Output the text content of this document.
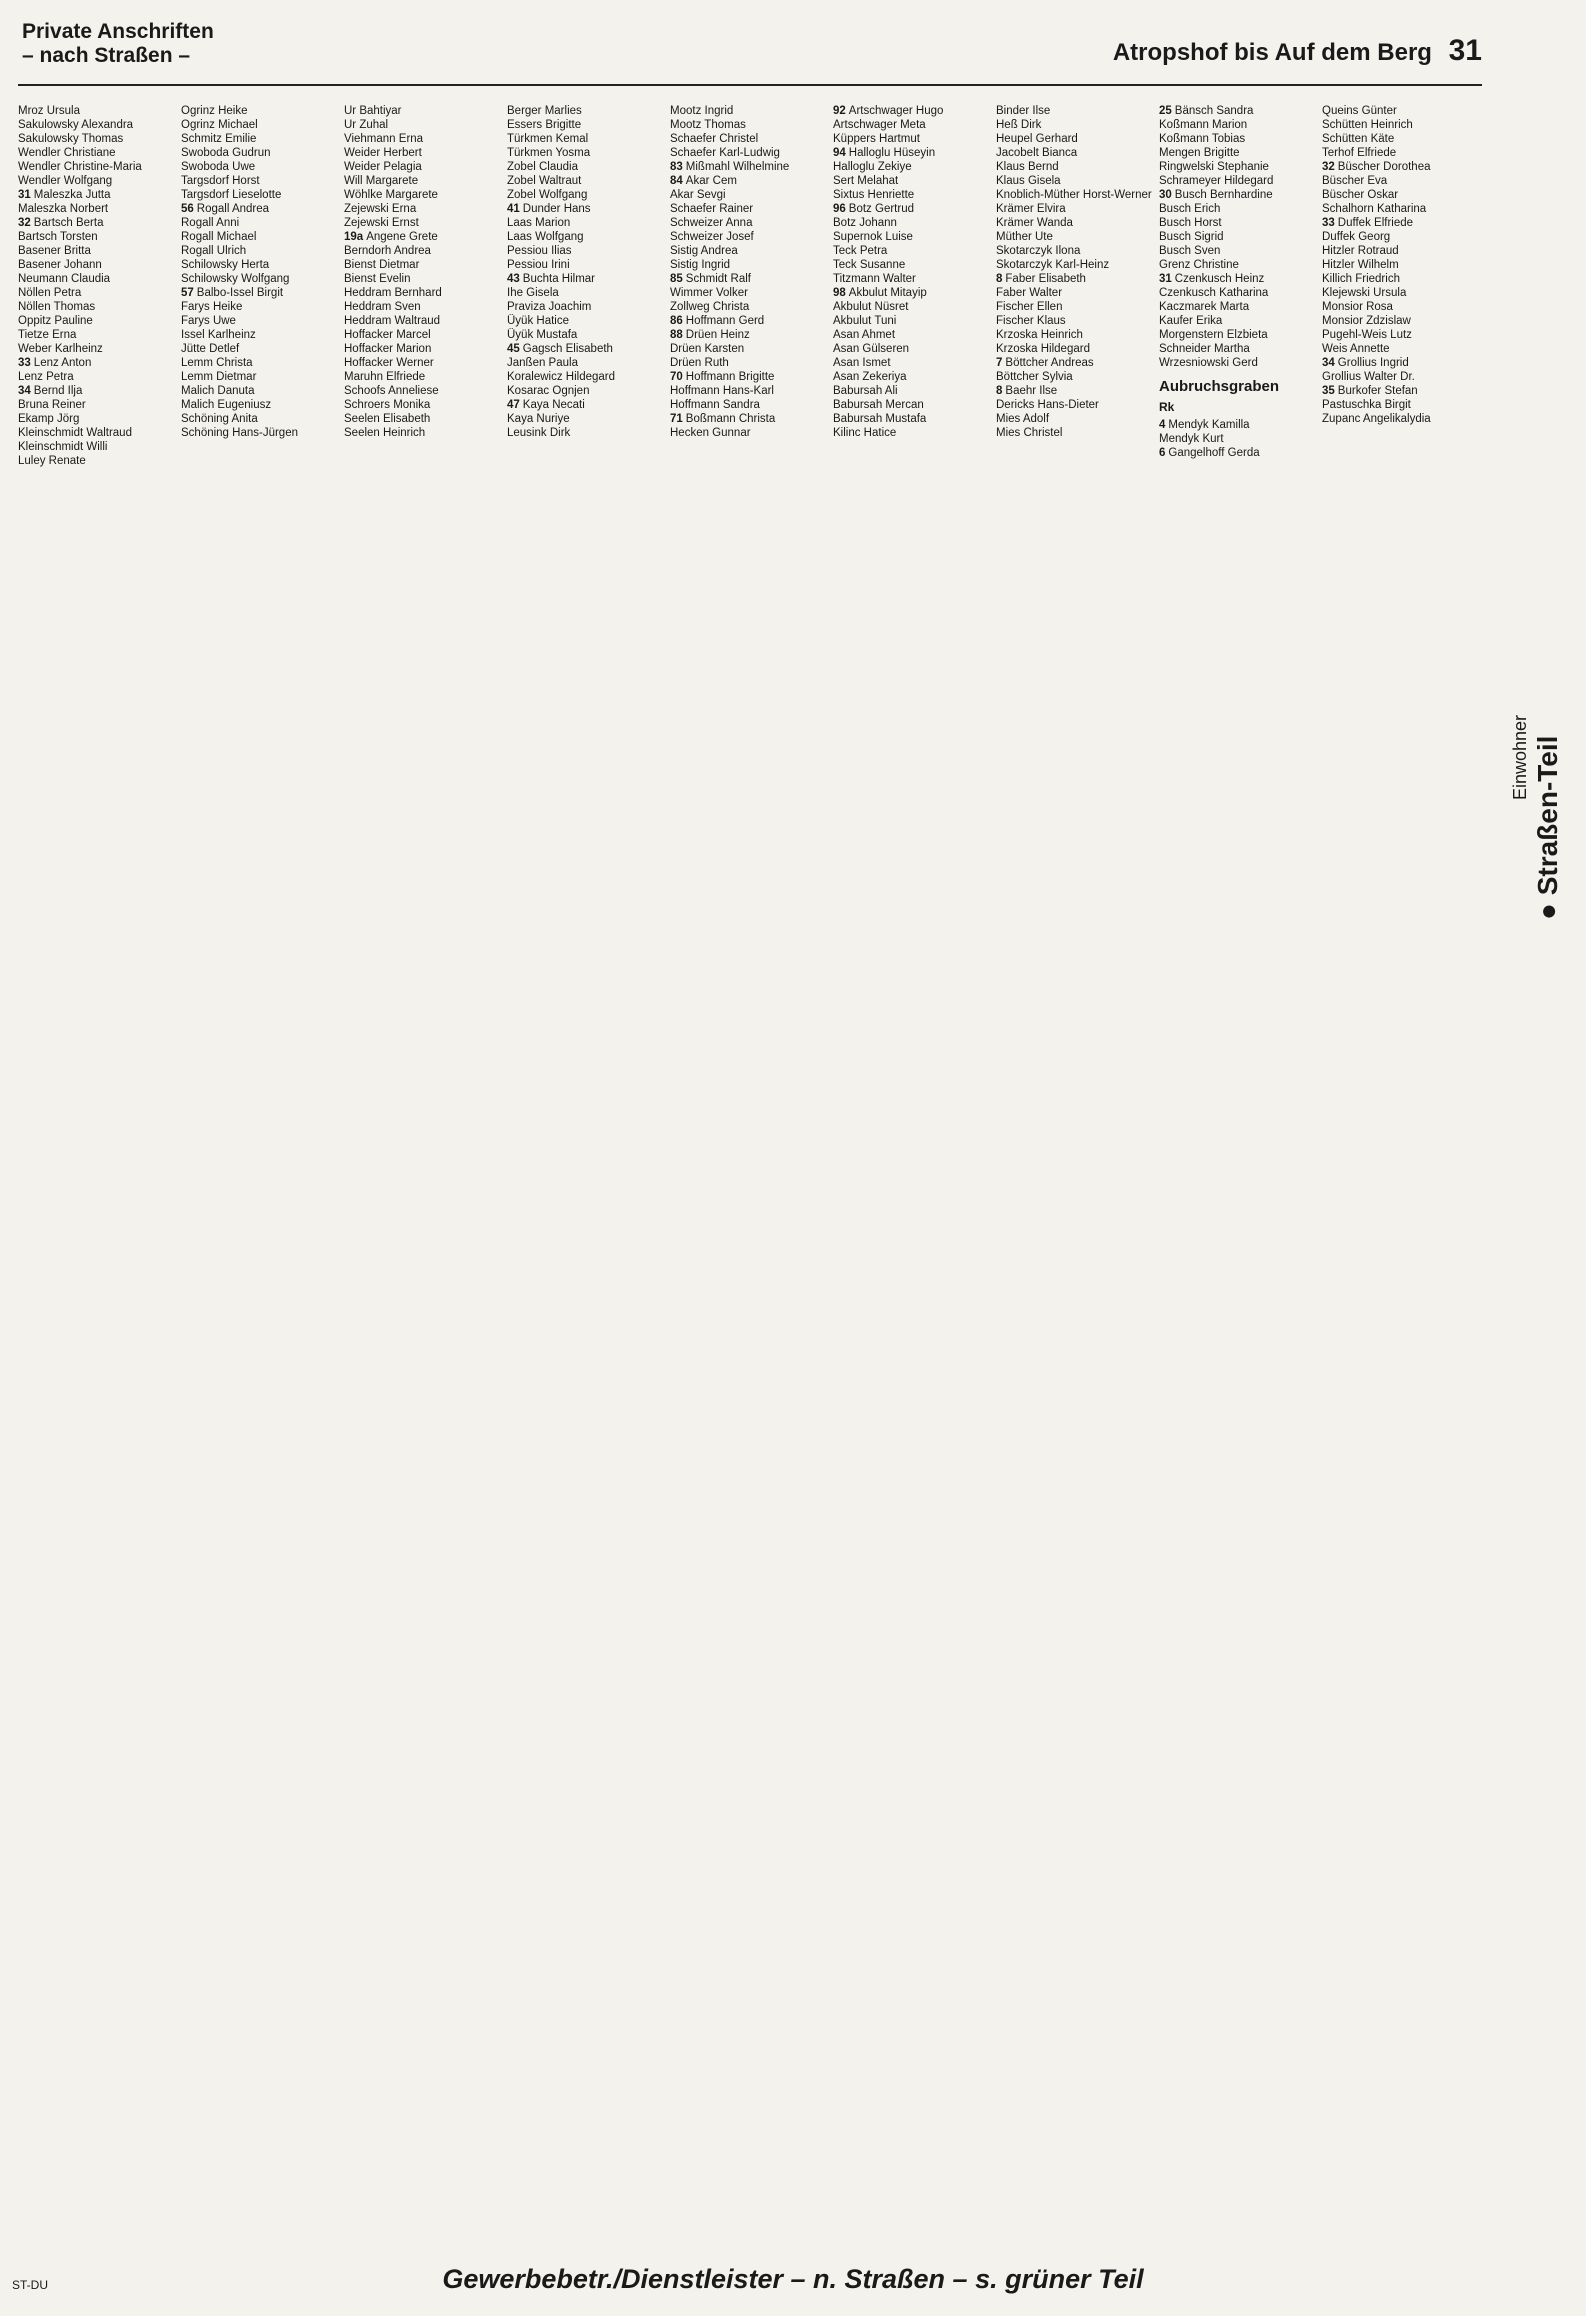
Private Anschriften
– nach Straßen –	Atropshof bis Auf dem Berg 31
Einwohner ● Straßen-Teil
Mroz Ursula
Sakulowsky Alexandra
Sakulowsky Thomas
Wendler Christiane
Wendler Christine-Maria
Wendler Wolfgang
31 Maleszka Jutta
Maleszka Norbert
32 Bartsch Berta
Bartsch Torsten
Basener Britta
Basener Johann
Neumann Claudia
Nöllen Petra
Nöllen Thomas
Oppitz Pauline
Tietze Erna
Weber Karlheinz
33 Lenz Anton
Lenz Petra
34 Bernd Ilja
Bruna Reiner
Ekamp Jörg
Kleinschmidt Waltraud
Kleinschmidt Willi
Luley Renate
Ogrinz Heike
Ogrinz Michael
Schmitz Emilie
Swoboda Gudrun
Swoboda Uwe
Targsdorf Horst
Targsdorf Lieselotte
56 Rogall Andrea
Rogall Anni
Rogall Michael
Rogall Ulrich
Schilowsky Herta
Schilowsky Wolfgang
57 Balbo-Issel Birgit
Farys Heike
Farys Uwe
Issel Karlheinz
Jütte Detlef
Lemm Christa
Lemm Dietmar
Malich Danuta
Malich Eugeniusz
Schöning Anita
Schöning Hans-Jürgen
Ur Bahtiyar
Ur Zuhal
Viehmann Erna
Weider Herbert
Weider Pelagia
Will Margarete
Wöhlke Margarete
Zejewski Erna
Zejewski Ernst
19a Angene Grete
Berndorh Andrea
Bienst Dietmar
Bienst Evelin
Heddram Bernhard
Heddram Sven
Heddram Waltraud
Hoffacker Marcel
Hoffacker Marion
Hoffacker Werner
Maruhn Elfriede
Schoofs Anneliese
Schroers Monika
Seelen Elisabeth
Seelen Heinrich
Berger Marlies
Essers Brigitte
Türkmen Kemal
Türkmen Yosma
Zobel Claudia
Zobel Waltraut
Zobel Wolfgang
41 Dunder Hans
Laas Marion
Laas Wolfgang
Pessiou Ilias
Pessiou Irini
43 Buchta Hilmar
Ihe Gisela
Praviza Joachim
Üyük Hatice
Üyük Mustafa
45 Gagsch Elisabeth
Janßen Paula
Koralewicz Hildegard
Kosarac Ognjen
47 Kaya Necati
Kaya Nuriye
Leusink Dirk
Mootz Ingrid
Mootz Thomas
Schaefer Christel
Schaefer Karl-Ludwig
83 Mißmahl Wilhelmine
84 Akar Cem
Akar Sevgi
Schaefer Rainer
Schweizer Anna
Schweizer Josef
Sistig Andrea
Sistig Ingrid
85 Schmidt Ralf
Wimmer Volker
Zollweg Christa
86 Hoffmann Gerd
88 Drüen Heinz
Drüen Karsten
Drüen Ruth
70 Hoffmann Brigitte
Hoffmann Hans-Karl
Hoffmann Sandra
71 Boßmann Christa
Hecken Gunnar
92 Artschwager Hugo
Artschwager Meta
Küppers Hartmut
94 Halloglu Hüseyin
Halloglu Zekiye
Sert Melahat
Sixtus Henriette
96 Botz Gertrud
Botz Johann
Supernok Luise
Teck Petra
Teck Susanne
Titzmann Walter
98 Akbulut Mitayip
Akbulut Nüsret
Akbulut Tuni
Asan Ahmet
Asan Gülseren
Asan Ismet
Asan Zekeriya
Babursah Ali
Babursah Mercan
Babursah Mustafa
Kilinc Hatice
Binder Ilse
Heß Dirk
Heupel Gerhard
Jacobelt Bianca
Klaus Bernd
Klaus Gisela
Knoblich-Müther Horst-Werner
Krämer Elvira
Krämer Wanda
Müther Ute
Skotarczyk Ilona
Skotarczyk Karl-Heinz
8 Faber Elisabeth
Faber Walter
Fischer Ellen
Fischer Klaus
Krzoska Heinrich
Krzoska Hildegard
7 Böttcher Andreas
Böttcher Sylvia
8 Baehr Ilse
Dericks Hans-Dieter
Mies Adolf
Mies Christel
25 Bänsch Sandra
Koßmann Marion
Koßmann Tobias
Mengen Brigitte
Ringwelski Stephanie
Schrameyer Hildegard
30 Busch Bernhardine
Busch Erich
Busch Horst
Busch Sigrid
Busch Sven
Grenz Christine
31 Czenkusch Heinz
Czenkusch Katharina
Kaczmarek Marta
Kaufer Erika
Morgenstern Elzbieta
Schneider Martha
Wrzesniowski Gerd
Aubruchsgraben
Rk
4 Mendyk Kamilla
Mendyk Kurt
6 Gangelhoff Gerda
Queins Günter
Schütten Heinrich
Schütten Käte
Terhof Elfriede
32 Büscher Dorothea
Büscher Eva
Büscher Oskar
Schalhorn Katharina
33 Duffek Elfriede
Duffek Georg
Hitzler Rotraud
Hitzler Wilhelm
Killich Friedrich
Klejewski Ursula
Monsior Rosa
Monsior Zdzislaw
Pugehl-Weis Lutz
Weis Annette
34 Grollius Ingrid
Grollius Walter Dr.
35 Burkofer Stefan
Pastuschka Birgit
Zupanc Angelikalydia
ST-DU	Gewerbebetr./Dienstleister – n. Straßen – s. grüner Teil
